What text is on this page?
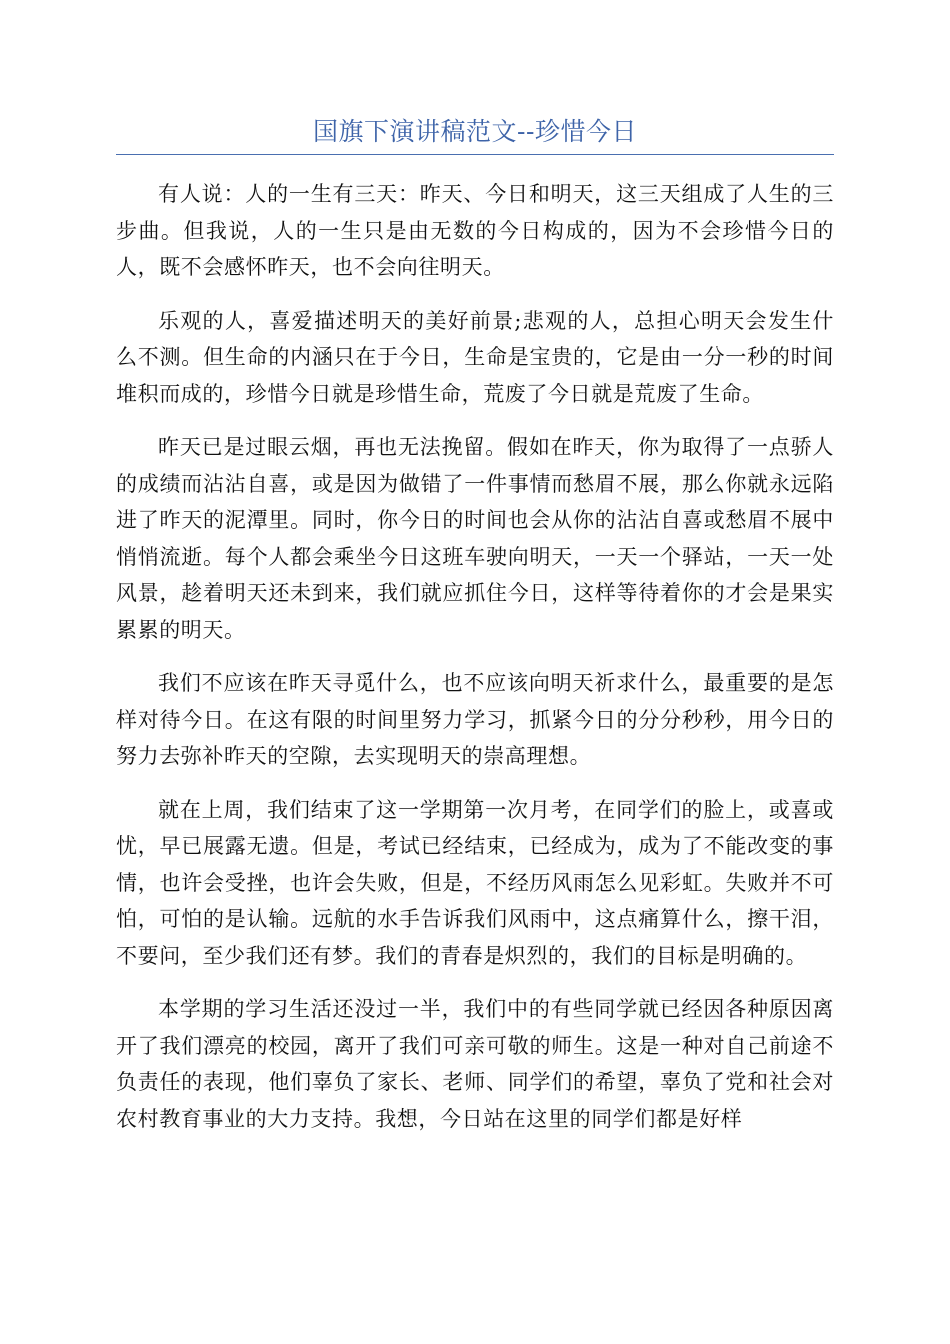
国旗下演讲稿范文--珍惜今日

有人说：人的一生有三天：昨天、今日和明天，这三天组成了人生的三步曲。但我说，人的一生只是由无数的今日构成的，因为不会珍惜今日的人，既不会感怀昨天，也不会向往明天。

乐观的人，喜爱描述明天的美好前景;悲观的人，总担心明天会发生什么不测。但生命的内涵只在于今日，生命是宝贵的，它是由一分一秒的时间堆积而成的，珍惜今日就是珍惜生命，荒废了今日就是荒废了生命。

昨天已是过眼云烟，再也无法挽留。假如在昨天，你为取得了一点骄人的成绩而沾沾自喜，或是因为做错了一件事情而愁眉不展，那么你就永远陷进了昨天的泥潭里。同时，你今日的时间也会从你的沾沾自喜或愁眉不展中悄悄流逝。每个人都会乘坐今日这班车驶向明天，一天一个驿站，一天一处风景，趁着明天还未到来，我们就应抓住今日，这样等待着你的才会是果实累累的明天。

我们不应该在昨天寻觅什么，也不应该向明天祈求什么，最重要的是怎样对待今日。在这有限的时间里努力学习，抓紧今日的分分秒秒，用今日的努力去弥补昨天的空隙，去实现明天的崇高理想。

就在上周，我们结束了这一学期第一次月考，在同学们的脸上，或喜或忧，早已展露无遗。但是，考试已经结束，已经成为，成为了不能改变的事情，也许会受挫，也许会失败，但是，不经历风雨怎么见彩虹。失败并不可怕，可怕的是认输。远航的水手告诉我们风雨中，这点痛算什么，擦干泪，不要问，至少我们还有梦。我们的青春是炽烈的，我们的目标是明确的。

本学期的学习生活还没过一半，我们中的有些同学就已经因各种原因离开了我们漂亮的校园，离开了我们可亲可敬的师生。这是一种对自己前途不负责任的表现，他们辜负了家长、老师、同学们的希望，辜负了党和社会对农村教育事业的大力支持。我想，今日站在这里的同学们都是好样
